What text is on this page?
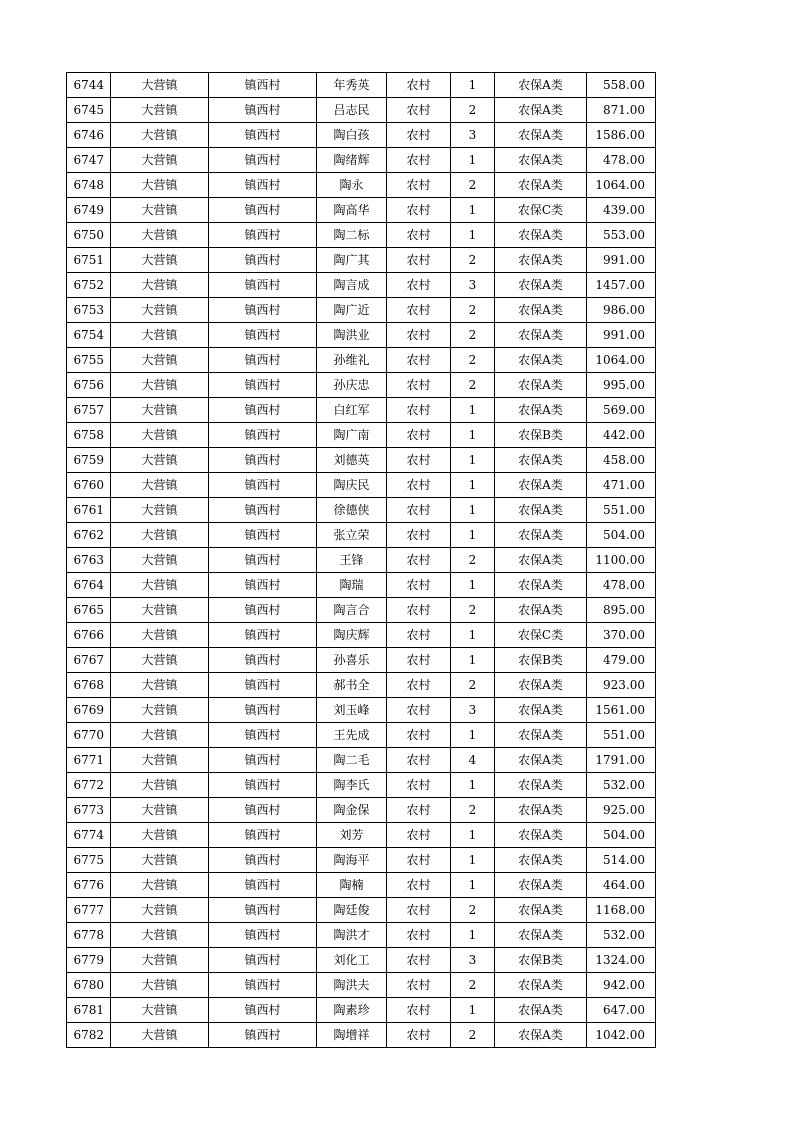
6744	大营镇	镇西村	年秀英	农村	1	农保A类	558.00
6745	大营镇	镇西村	吕志民	农村	2	农保A类	871.00
6746	大营镇	镇西村	陶白孩	农村	3	农保A类	1586.00
6747	大营镇	镇西村	陶绪辉	农村	1	农保A类	478.00
6748	大营镇	镇西村	陶永	农村	2	农保A类	1064.00
6749	大营镇	镇西村	陶高华	农村	1	农保C类	439.00
6750	大营镇	镇西村	陶二标	农村	1	农保A类	553.00
6751	大营镇	镇西村	陶广其	农村	2	农保A类	991.00
6752	大营镇	镇西村	陶言成	农村	3	农保A类	1457.00
6753	大营镇	镇西村	陶广近	农村	2	农保A类	986.00
6754	大营镇	镇西村	陶洪业	农村	2	农保A类	991.00
6755	大营镇	镇西村	孙维礼	农村	2	农保A类	1064.00
6756	大营镇	镇西村	孙庆忠	农村	2	农保A类	995.00
6757	大营镇	镇西村	白红军	农村	1	农保A类	569.00
6758	大营镇	镇西村	陶广南	农村	1	农保B类	442.00
6759	大营镇	镇西村	刘德英	农村	1	农保A类	458.00
6760	大营镇	镇西村	陶庆民	农村	1	农保A类	471.00
6761	大营镇	镇西村	徐德侠	农村	1	农保A类	551.00
6762	大营镇	镇西村	张立荣	农村	1	农保A类	504.00
6763	大营镇	镇西村	王锋	农村	2	农保A类	1100.00
6764	大营镇	镇西村	陶瑞	农村	1	农保A类	478.00
6765	大营镇	镇西村	陶言合	农村	2	农保A类	895.00
6766	大营镇	镇西村	陶庆辉	农村	1	农保C类	370.00
6767	大营镇	镇西村	孙喜乐	农村	1	农保B类	479.00
6768	大营镇	镇西村	郝书全	农村	2	农保A类	923.00
6769	大营镇	镇西村	刘玉峰	农村	3	农保A类	1561.00
6770	大营镇	镇西村	王先成	农村	1	农保A类	551.00
6771	大营镇	镇西村	陶二毛	农村	4	农保A类	1791.00
6772	大营镇	镇西村	陶李氏	农村	1	农保A类	532.00
6773	大营镇	镇西村	陶金保	农村	2	农保A类	925.00
6774	大营镇	镇西村	刘芳	农村	1	农保A类	504.00
6775	大营镇	镇西村	陶海平	农村	1	农保A类	514.00
6776	大营镇	镇西村	陶楠	农村	1	农保A类	464.00
6777	大营镇	镇西村	陶廷俊	农村	2	农保A类	1168.00
6778	大营镇	镇西村	陶洪才	农村	1	农保A类	532.00
6779	大营镇	镇西村	刘化工	农村	3	农保B类	1324.00
6780	大营镇	镇西村	陶洪夫	农村	2	农保A类	942.00
6781	大营镇	镇西村	陶素珍	农村	1	农保A类	647.00
6782	大营镇	镇西村	陶增祥	农村	2	农保A类	1042.00
